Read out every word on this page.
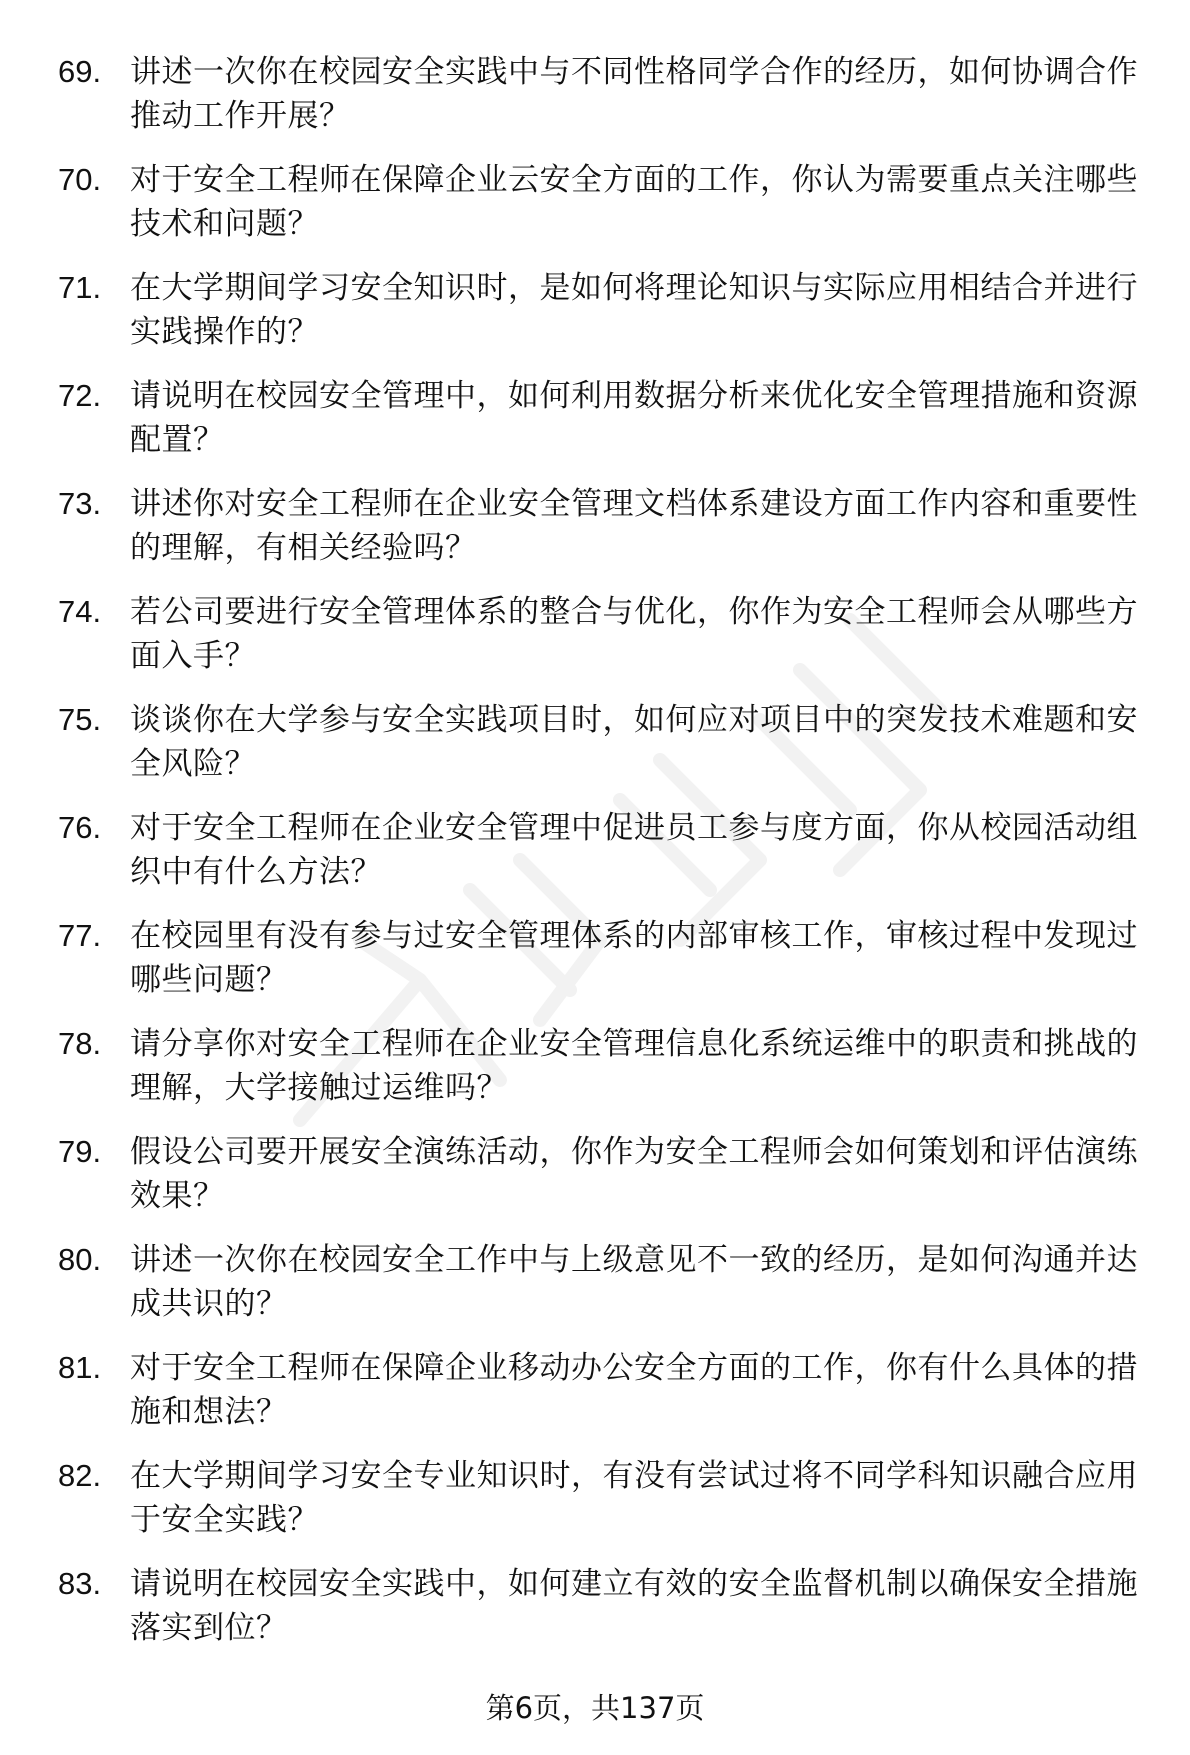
69. 讲述一次你在校园安全实践中与不同性格同学合作的经历，如何协调合作推动工作开展？
70. 对于安全工程师在保障企业云安全方面的工作，你认为需要重点关注哪些技术和问题？
71. 在大学期间学习安全知识时，是如何将理论知识与实际应用相结合并进行实践操作的？
72. 请说明在校园安全管理中，如何利用数据分析来优化安全管理措施和资源配置？
73. 讲述你对安全工程师在企业安全管理文档体系建设方面工作内容和重要性的理解，有相关经验吗？
74. 若公司要进行安全管理体系的整合与优化，你作为安全工程师会从哪些方面入手？
75. 谈谈你在大学参与安全实践项目时，如何应对项目中的突发技术难题和安全风险？
76. 对于安全工程师在企业安全管理中促进员工参与度方面，你从校园活动组织中有什么方法？
77. 在校园里有没有参与过安全管理体系的内部审核工作，审核过程中发现过哪些问题？
78. 请分享你对安全工程师在企业安全管理信息化系统运维中的职责和挑战的理解，大学接触过运维吗？
79. 假设公司要开展安全演练活动，你作为安全工程师会如何策划和评估演练效果？
80. 讲述一次你在校园安全工作中与上级意见不一致的经历，是如何沟通并达成共识的？
81. 对于安全工程师在保障企业移动办公安全方面的工作，你有什么具体的措施和想法？
82. 在大学期间学习安全专业知识时，有没有尝试过将不同学科知识融合应用于安全实践？
83. 请说明在校园安全实践中，如何建立有效的安全监督机制以确保安全措施落实到位？
第6页，共137页
